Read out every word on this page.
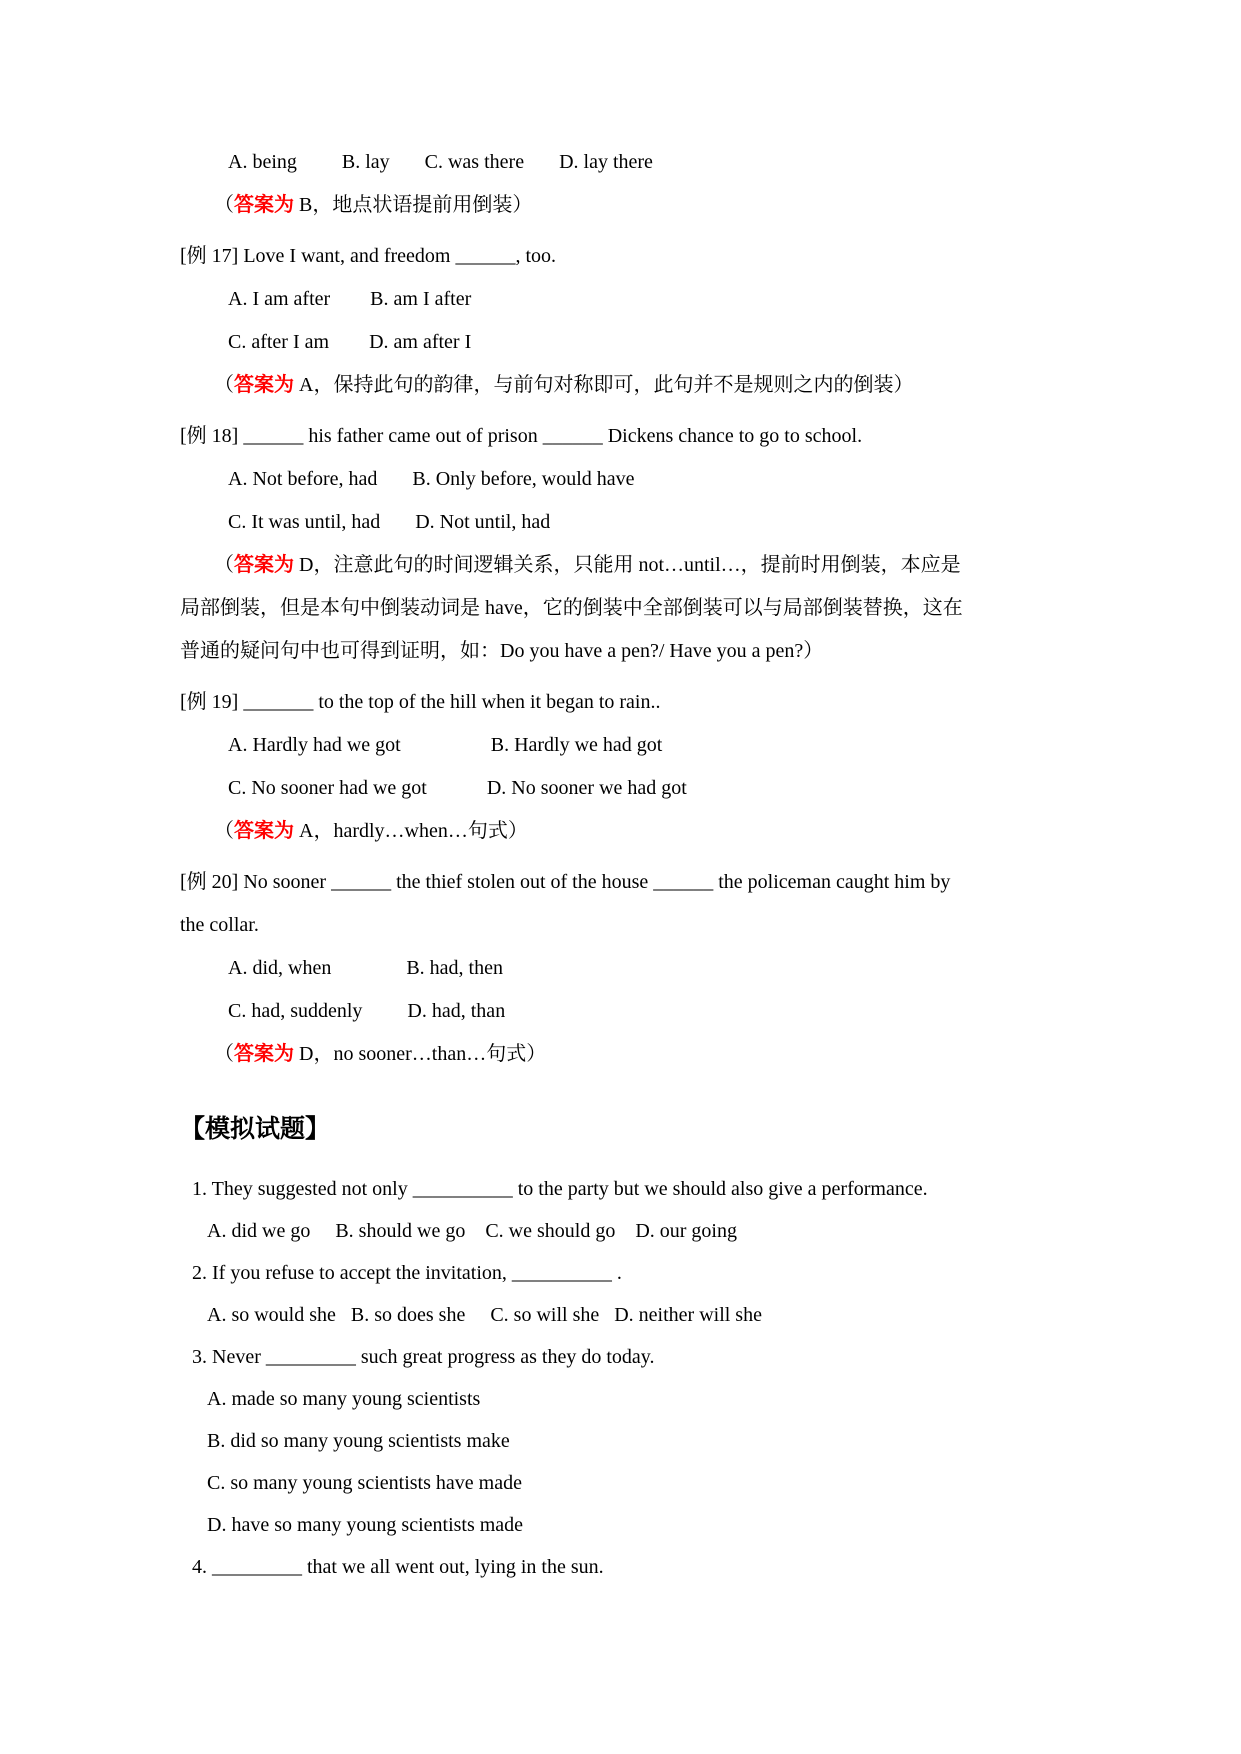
A. being         B. lay       C. was there       D. lay there
（答案为 B，地点状语提前用倒装）
[例 17] Love I want, and freedom ______, too.
A. I am after        B. am I after
C. after I am        D. am after I
（答案为 A，保持此句的韵律，与前句对称即可，此句并不是规则之内的倒装）
[例 18] ______ his father came out of prison ______ Dickens chance to go to school.
A. Not before, had       B. Only before, would have
C. It was until, had       D. Not until, had
（答案为 D，注意此句的时间逻辑关系，只能用 not…until…，提前时用倒装，本应是
局部倒装，但是本句中倒装动词是 have，它的倒装中全部倒装可以与局部倒装替换，这在
普通的疑问句中也可得到证明，如：Do you have a pen?/ Have you a pen?）
[例 19] _______ to the top of the hill when it began to rain..
A. Hardly had we got                  B. Hardly we had got
C. No sooner had we got            D. No sooner we had got
（答案为 A，hardly…when…句式）
[例 20] No sooner ______ the thief stolen out of the house ______ the policeman caught him by
the collar.
A. did, when               B. had, then
C. had, suddenly         D. had, than
（答案为 D，no sooner…than…句式）
【模拟试题】
1. They suggested not only __________ to the party but we should also give a performance.
A. did we go     B. should we go    C. we should go    D. our going
2. If you refuse to accept the invitation, __________ .
A. so would she   B. so does she     C. so will she   D. neither will she
3. Never _________ such great progress as they do today.
A. made so many young scientists
B. did so many young scientists make
C. so many young scientists have made
D. have so many young scientists made
4. _________ that we all went out, lying in the sun.
